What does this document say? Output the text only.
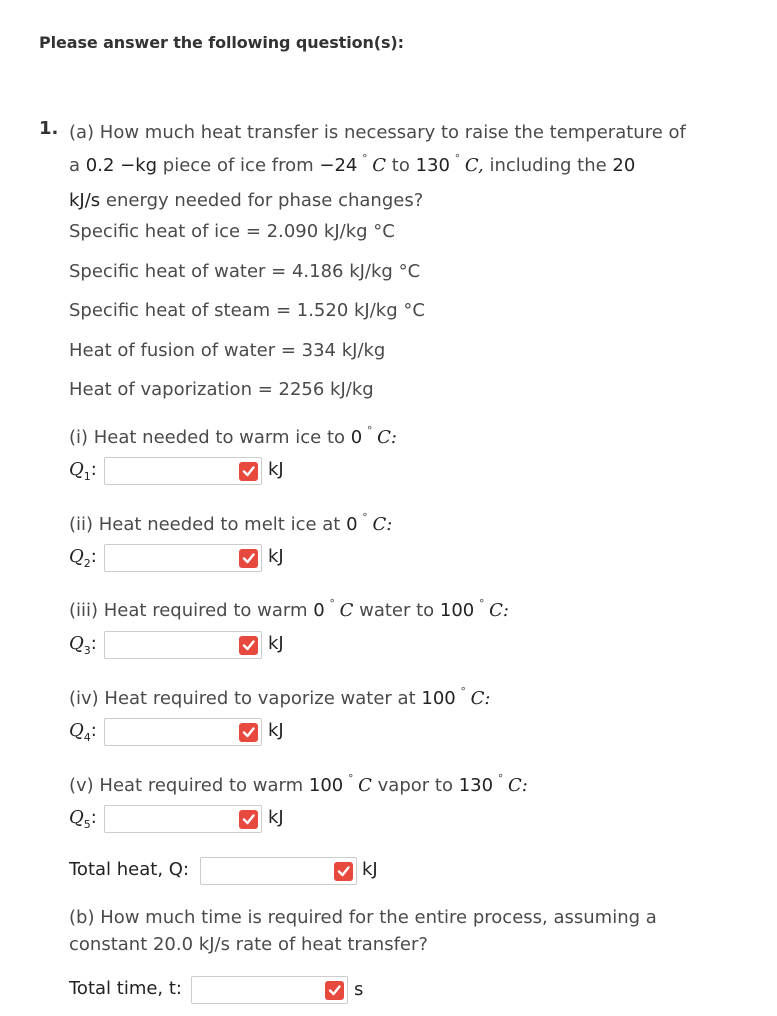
Please answer the following question(s):
1. (a) How much heat transfer is necessary to raise the temperature of
a 0.2 −kg piece of ice from −24 ∘ C to 130 ∘ C, including the 20
kJ/s energy needed for phase changes?
Specific heat of ice = 2.090 kJ/kg °C
Specific heat of water = 4.186 kJ/kg °C
Specific heat of steam = 1.520 kJ/kg °C
Heat of fusion of water = 334 kJ/kg
Heat of vaporization = 2256 kJ/kg
(i) Heat needed to warm ice to 0 ∘ C:
$Q_1$:	kJ
(ii) Heat needed to melt ice at 0 ∘ C:
$Q_2$:	kJ
(iii) Heat required to warm 0 ∘ C water to 100 ∘ C:
$Q_3$:	kJ
(iv) Heat required to vaporize water at 100 ∘ C:
$Q_4$:	kJ
(v) Heat required to warm 100 ∘ C vapor to 130 ∘ C:
$Q_5$:	kJ
Total heat, Q:	kJ
(b) How much time is required for the entire process, assuming a
constant 20.0 kJ/s rate of heat transfer?
Total time, t:	s
